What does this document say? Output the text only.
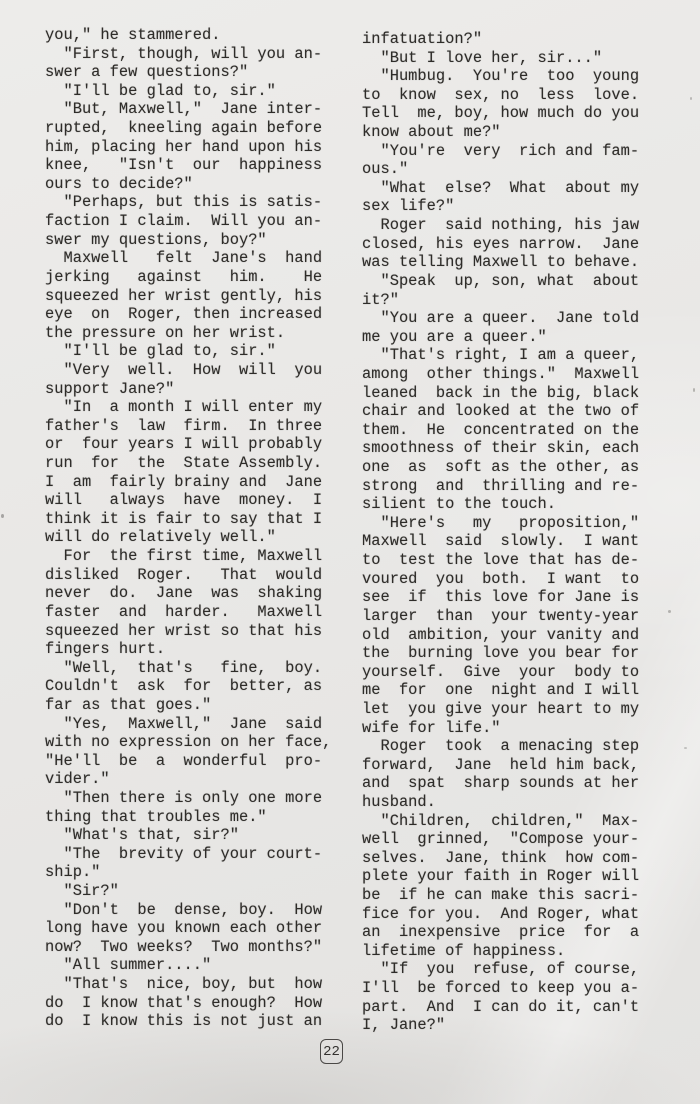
you," he stammered.
"First, though, will you an-
swer a few questions?"
"I'll be glad to, sir."
"But, Maxwell,"  Jane inter-
rupted,  kneeling again before
him, placing her hand upon his
knee,   "Isn't  our  happiness
ours to decide?"
"Perhaps, but this is satis-
faction I claim.  Will you an-
swer my questions, boy?"
Maxwell   felt  Jane's  hand
jerking   against   him.    He
squeezed her wrist gently, his
eye  on  Roger, then increased
the pressure on her wrist.
"I'll be glad to, sir."
"Very  well.  How  will  you
support Jane?"
"In  a month I will enter my
father's  law  firm.  In three
or  four years I will probably
run  for  the  State Assembly.
I  am  fairly brainy and  Jane
will   always  have  money.  I
think it is fair to say that I
will do relatively well."
For  the first time, Maxwell
disliked  Roger.   That  would
never  do.  Jane  was  shaking
faster  and  harder.   Maxwell
squeezed her wrist so that his
fingers hurt.
"Well,  that's   fine,  boy.
Couldn't  ask  for  better, as
far as that goes."
"Yes,  Maxwell,"  Jane  said
with no expression on her face,
"He'll  be  a  wonderful  pro-
vider."
"Then there is only one more
thing that troubles me."
"What's that, sir?"
"The  brevity of your court-
ship."
"Sir?"
"Don't  be  dense, boy.  How
long have you known each other
now?  Two weeks?  Two months?"
"All summer...."
"That's  nice, boy, but  how
do  I know that's enough?  How
do  I know this is not just an
infatuation?"
"But I love her, sir..."
"Humbug.  You're  too  young
to  know  sex, no  less  love.
Tell  me, boy, how much do you
know about me?"
"You're  very  rich and fam-
ous."
"What  else?  What  about my
sex life?"
Roger  said nothing, his jaw
closed, his eyes narrow.  Jane
was telling Maxwell to behave.
"Speak  up, son, what  about
it?"
"You are a queer.  Jane told
me you are a queer."
"That's right, I am a queer,
among  other things."  Maxwell
leaned  back in the big, black
chair and looked at the two of
them.  He  concentrated on the
smoothness of their skin, each
one  as  soft as the other, as
strong  and  thrilling and re-
silient to the touch.
"Here's   my   proposition,"
Maxwell  said  slowly.  I want
to  test the love that has de-
voured  you  both.  I want  to
see  if  this love for Jane is
larger  than  your twenty-year
old  ambition, your vanity and
the  burning love you bear for
yourself.  Give  your  body to
me  for  one  night and I will
let  you give your heart to my
wife for life."
Roger  took  a menacing step
forward,  Jane  held him back,
and  spat  sharp sounds at her
husband.
"Children,  children,"  Max-
well  grinned,  "Compose your-
selves.  Jane, think  how com-
plete your faith in Roger will
be  if he can make this sacri-
fice for you.  And Roger, what
an  inexpensive  price  for  a
lifetime of happiness.
"If  you  refuse, of course,
I'll  be forced to keep you a-
part.  And  I can do it, can't
I, Jane?"
22
